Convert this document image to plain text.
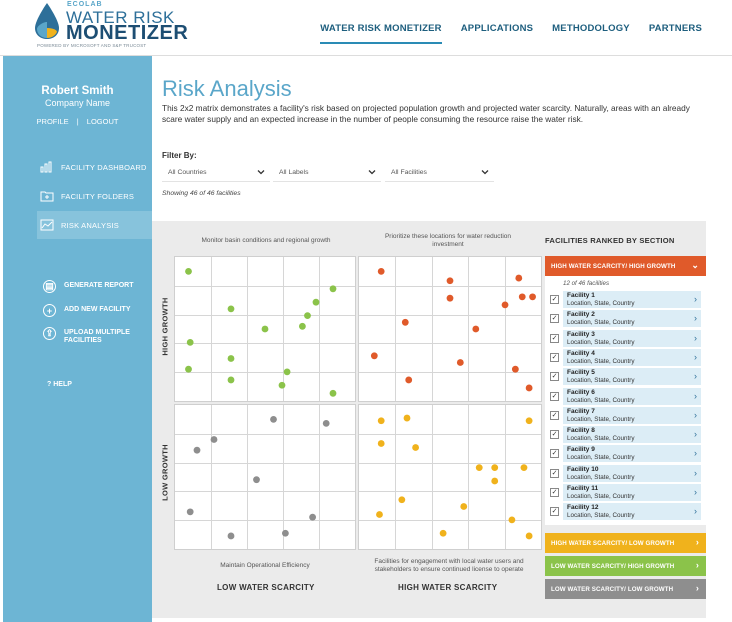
ECOLAB
WATER RISK
MONETIZER
POWERED BY MICROSOFT AND S&P TRUCOST
WATER RISK MONETIZER APPLICATIONS METHODOLOGY PARTNERS
Robert Smith
Company Name
PROFILE | LOGOUT
FACILITY DASHBOARD
FACILITY FOLDERS
RISK ANALYSIS
▤	GENERATE REPORT
+	ADD NEW FACILITY
⇪	UPLOAD MULTIPLE FACILITIES
? HELP
Risk Analysis
This 2x2 matrix demonstrates a facility's risk based on projected population growth and projected water scarcity. Naturally, areas with an already scare water supply and an expected increase in the number of people consuming the resource raise the water risk.
Filter By:
All Countries	All Labels	All Facilities
Showing 46 of 46 facilities
Monitor basin conditions and regional growth
Prioritize these locations for water reduction investment
HIGH GROWTH
LOW GROWTH
Maintain Operational Efficiency
Facilities for engagement with local water users and stakeholders to ensure continued license to operate
LOW WATER SCARCITY	HIGH WATER SCARCITY
FACILITIES RANKED BY SECTION
HIGH WATER SCARCITY/ HIGH GROWTH ⌄
12 of 46 facilities
✓
Facility 1
Location, State, Country	›
✓
Facility 2
Location, State, Country	›
✓
Facility 3
Location, State, Country	›
✓
Facility 4
Location, State, Country	›
✓
Facility 5
Location, State, Country	›
✓
Facility 6
Location, State, Country	›
✓
Facility 7
Location, State, Country	›
✓
Facility 8
Location, State, Country	›
✓
Facility 9
Location, State, Country	›
✓
Facility 10
Location, State, Country	›
✓
Facility 11
Location, State, Country	›
✓
Facility 12
Location, State, Country	›
HIGH WATER SCARCITY/ LOW GROWTH ›
LOW WATER SCARCITY/ HIGH GROWTH ›
LOW WATER SCARCITY/ LOW GROWTH	›
